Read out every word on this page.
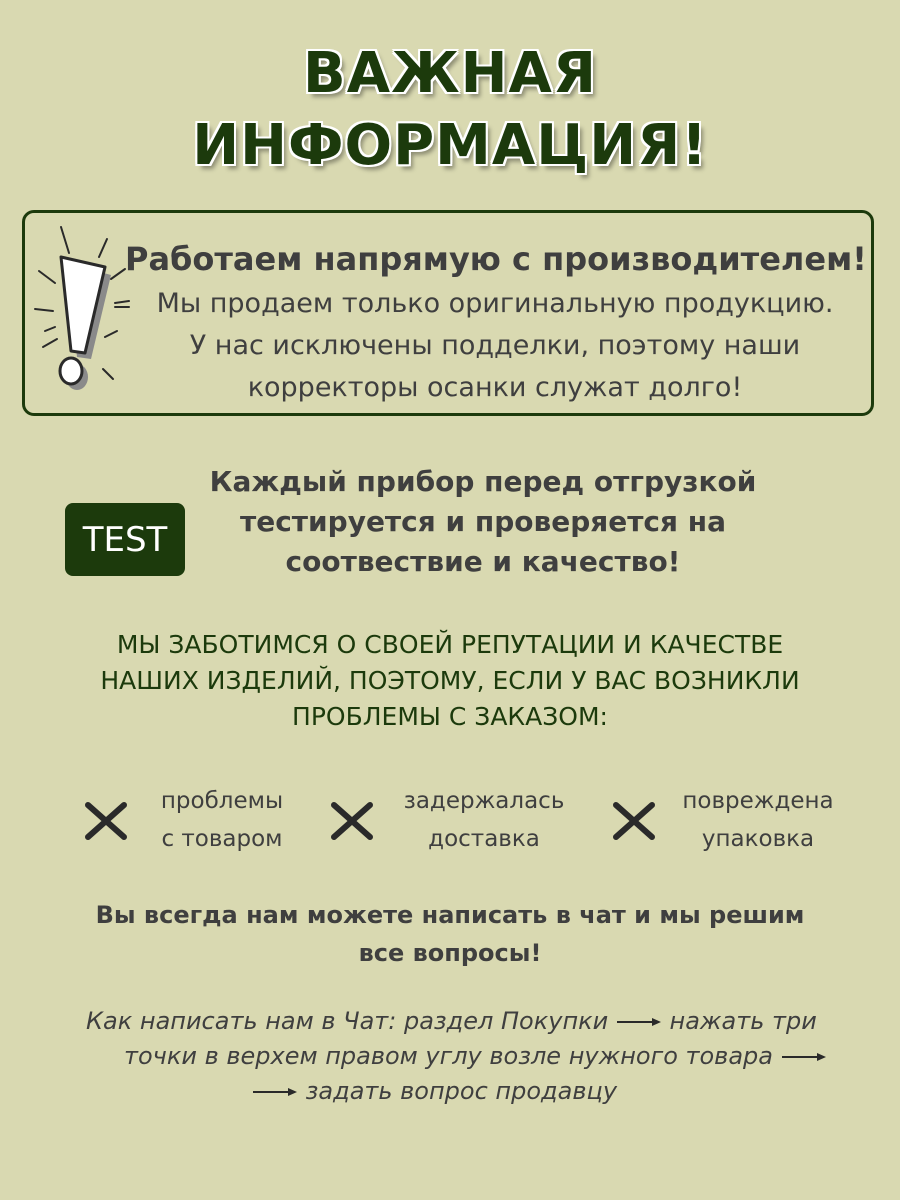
ВАЖНАЯ
ИНФОРМАЦИЯ!
Работаем напрямую с производителем!
Мы продаем только оригинальную продукцию.
У нас исключены подделки, поэтому наши
корректоры осанки служат долго!
TEST
Каждый прибор перед отгрузкой
тестируется и проверяется на
соотвествие и качество!
МЫ ЗАБОТИМСЯ О СВОЕЙ РЕПУТАЦИИ И КАЧЕСТВЕ
НАШИХ ИЗДЕЛИЙ, ПОЭТОМУ, ЕСЛИ У ВАС ВОЗНИКЛИ
ПРОБЛЕМЫ С ЗАКАЗОМ:
проблемы
с товаром
задержалась
доставка
повреждена
упаковка
Вы всегда нам можете написать в чат и мы решим
все вопросы!
Как написать нам в Чат: раздел Покупки	нажать три
точки в верхем правом углу возле нужного товара
задать вопрос продавцу
